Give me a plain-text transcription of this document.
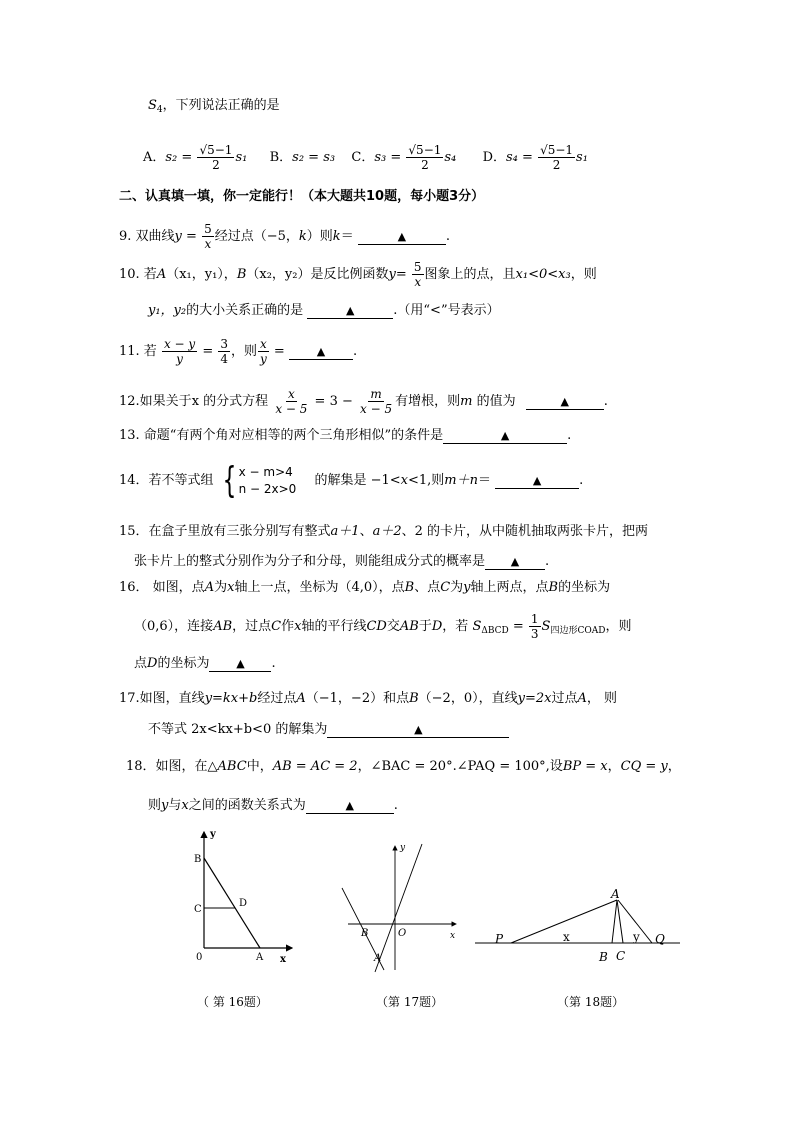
$S_4$，下列说法正确的是
A．$s_2 = \frac{√5-1}{2} s_1$ B．s₂ = s₃ C．$s_3 = \frac{√5-1}{2} s_4$ D．$s_4 = \frac{√5-1}{2} s_1$
二、认真填一填，你一定能行！（本大题共10题，每小题3分）
9. 双曲线$y = \frac{5}{x}$ 经过点（−5，k）则k＝	▲	.
10. 若A（x₁，y₁），B（x₂，y₂）是反比例函数$y= \frac{5}{x}$ 图象上的点，且x₁<0<x₃，则
y₁，y₂的大小关系正确的是	▲	.（用“<”号表示）
11. 若 $\frac{x - y}{y} = \frac{3}{4}$ ，则 $\frac{x}{y}$ =	▲ .
12.如果关于x 的分式方程 $\frac{x}{x - 5} = 3 - \frac{m}{x - 5}$ 有增根，则m 的值为	▲	.
13. 命题“有两个角对应相等的两个三角形相似”的条件是	▲	.
14．若不等式组 { x − m>4
n − 2x>0
的解集是 −1<x<1,则m＋n＝	▲	.
15．在盒子里放有三张分别写有整式a＋1、a＋2、2 的卡片，从中随机抽取两张卡片，把两
张卡片上的整式分别作为分子和分母，则能组成分式的概率是 ▲ .
16． 如图，点A为x轴上一点，坐标为（4,0），点B、点C为y轴上两点，点B的坐标为
（0,6），连接AB，过点C作x轴的平行线CD交AB于D，若 $S_{\Delta BCD} = \frac{1}{3} S_{四边形COAD}$，则
点D的坐标为 ▲ .
17.如图，直线y=kx+b经过点A（−1，−2）和点B（−2，0），直线y=2x过点A， 则
不等式 2x<kx+b<0 的解集为	▲
18．如图，在△ABC中，AB = AC = 2，∠BAC = 20°.∠PAQ = 100°,设BP = x，CQ = y，
则y与x之间的函数关系式为	▲	.
y
x
B
C
D
0	A
（ 第 16题）
y
x
B	O
A
（第 17题）
A
P	Q
B C
x	y
（第 18题）
